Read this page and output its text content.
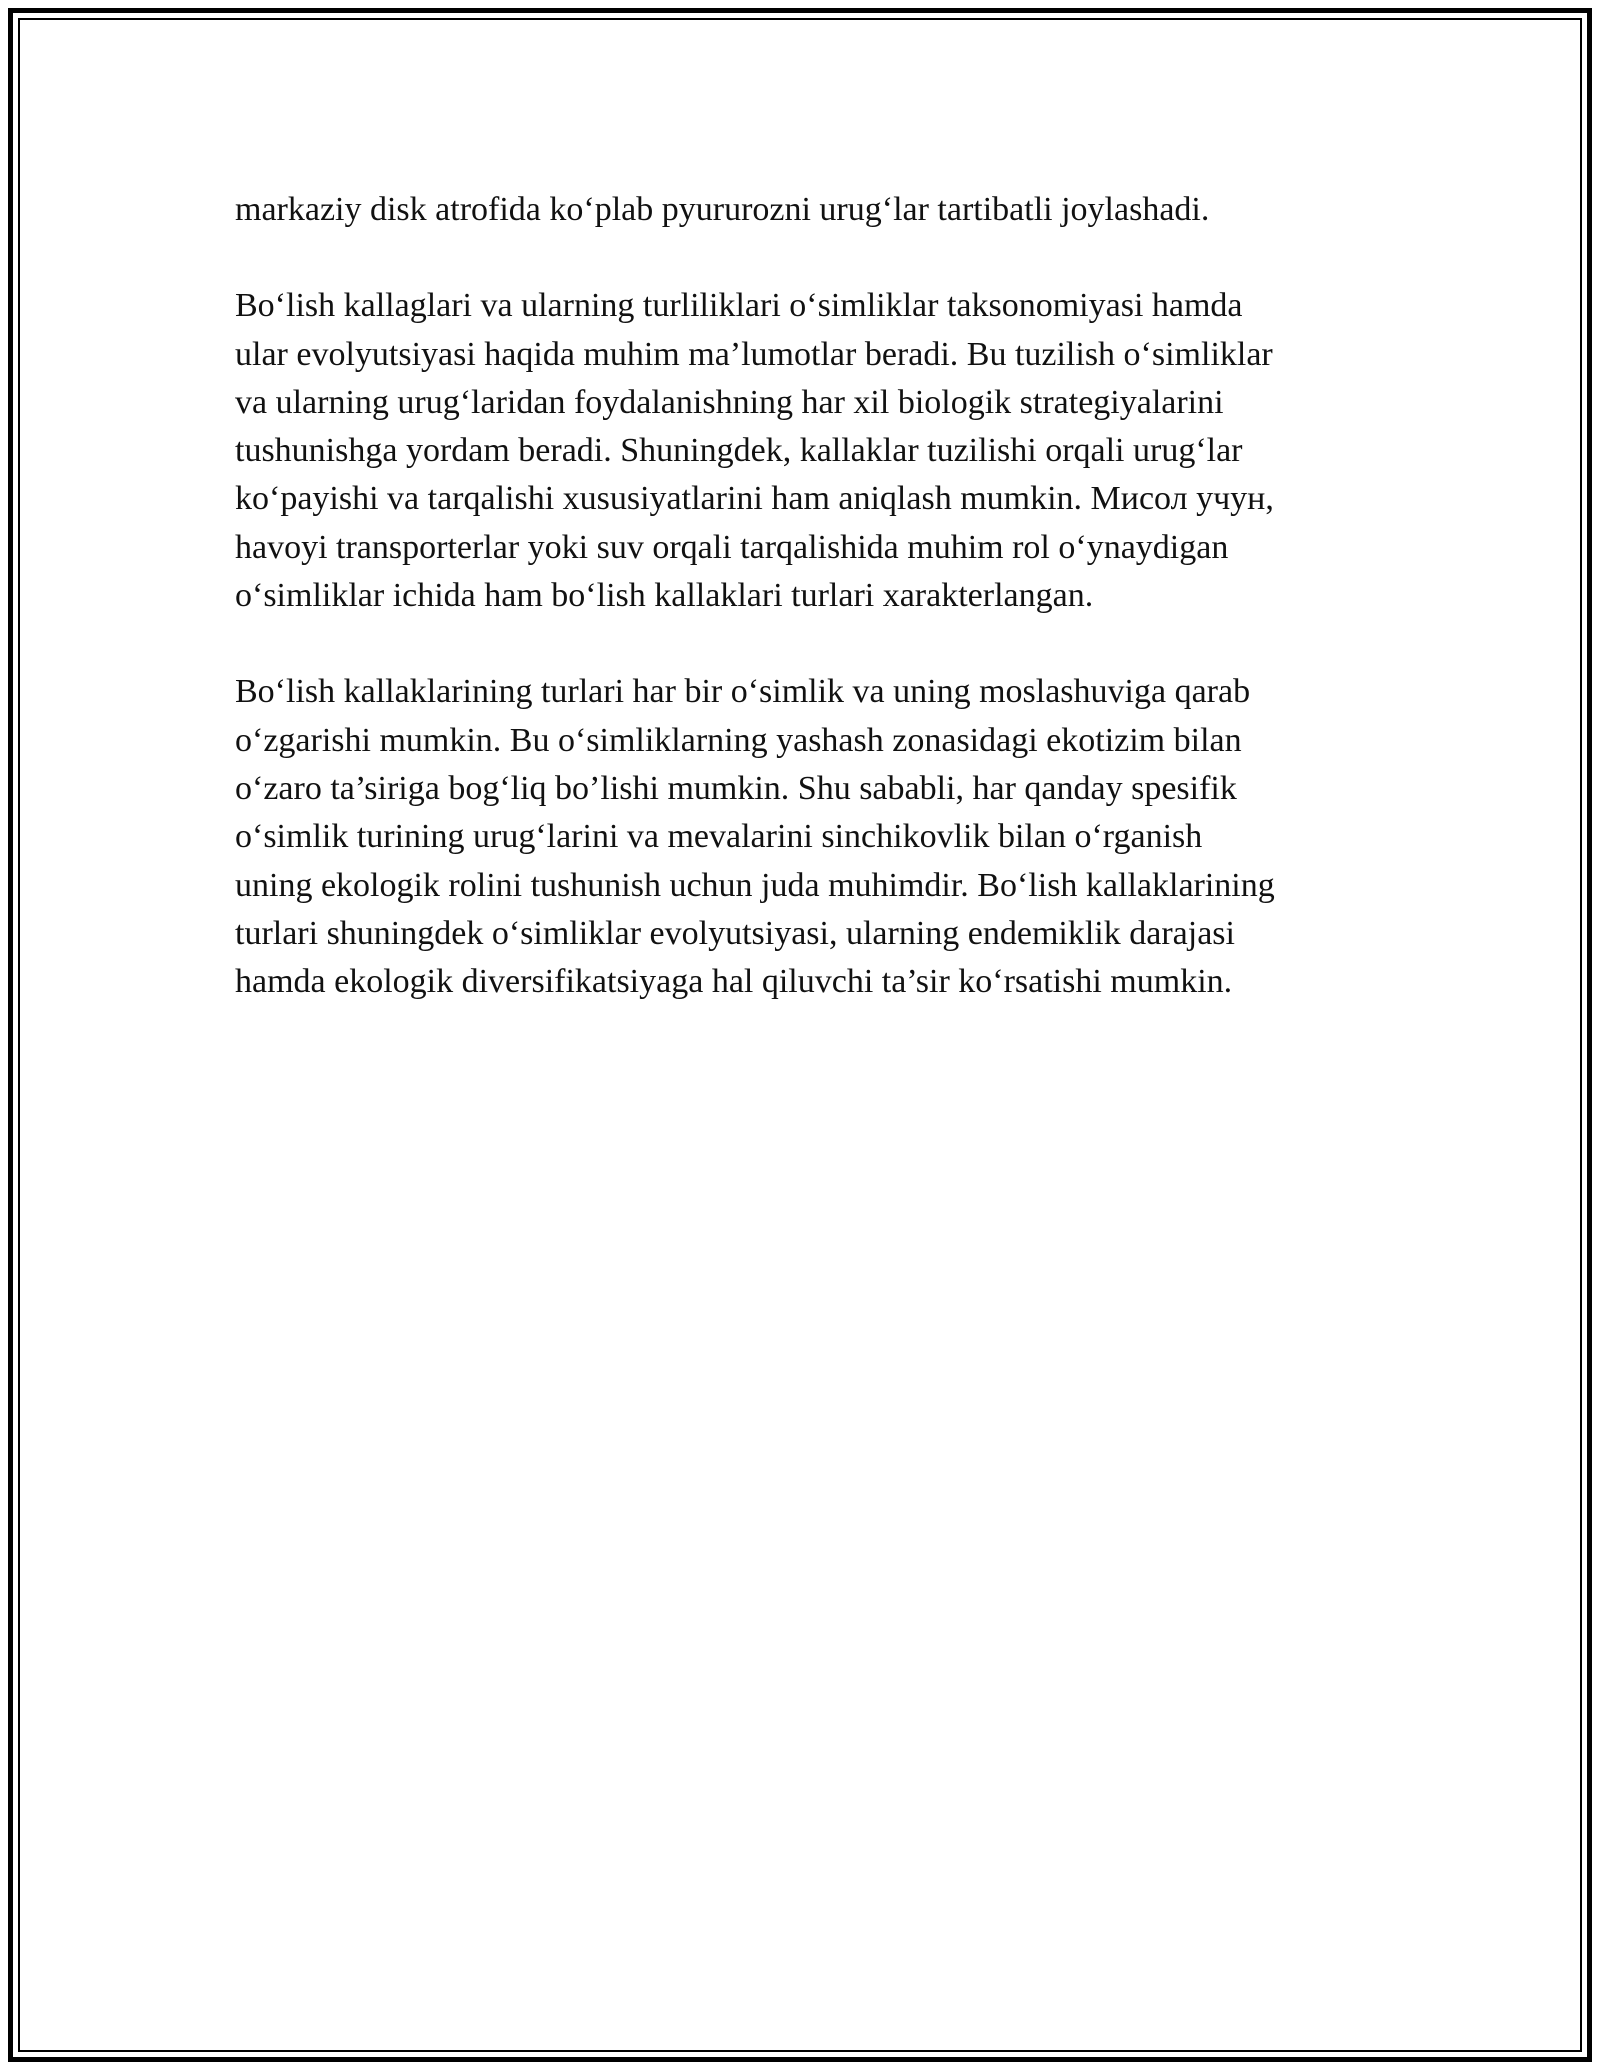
markaziy disk atrofida ko‘plab pyururozni urug‘lar tartibatli joylashadi.

Bo‘lish kallaglari va ularning turliliklari o‘simliklar taksonomiyasi hamda
ular evolyutsiyasi haqida muhim ma’lumotlar beradi. Bu tuzilish o‘simliklar
va ularning urug‘laridan foydalanishning har xil biologik strategiyalarini
tushunishga yordam beradi. Shuningdek, kallaklar tuzilishi orqali urug‘lar
ko‘payishi va tarqalishi xususiyatlarini ham aniqlash mumkin. Мисол учун,
havoyi transporterlar yoki suv orqali tarqalishida muhim rol o‘ynaydigan
o‘simliklar ichida ham bo‘lish kallaklari turlari xarakterlangan.

Bo‘lish kallaklarining turlari har bir o‘simlik va uning moslashuviga qarab
o‘zgarishi mumkin. Bu o‘simliklarning yashash zonasidagi ekotizim bilan
o‘zaro ta’siriga bog‘liq bo’lishi mumkin. Shu sababli, har qanday spesifik
o‘simlik turining urug‘larini va mevalarini sinchikovlik bilan o‘rganish
uning ekologik rolini tushunish uchun juda muhimdir. Bo‘lish kallaklarining
turlari shuningdek o‘simliklar evolyutsiyasi, ularning endemiklik darajasi
hamda ekologik diversifikatsiyaga hal qiluvchi ta’sir ko‘rsatishi mumkin.
